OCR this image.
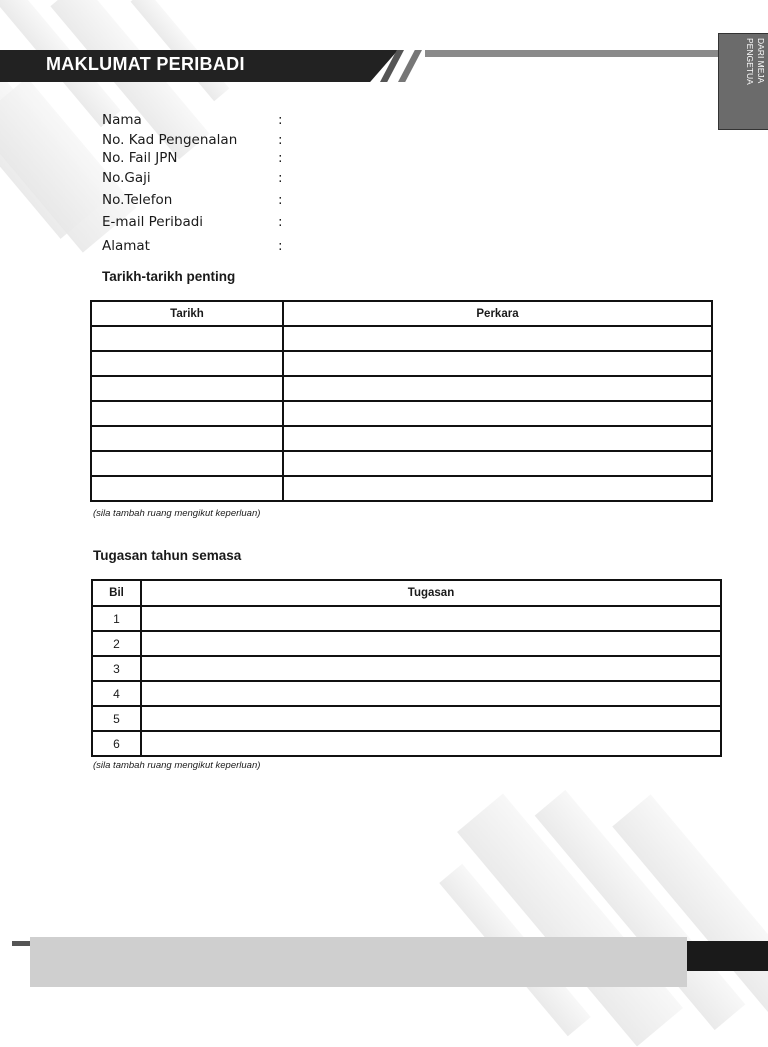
MAKLUMAT PERIBADI	DARI MEJA PENGETUA
Nama	:
No. Kad Pengenalan	:
No. Fail JPN	:
No.Gaji	:
No.Telefon	:
E-mail Peribadi	:
Alamat	:
Tarikh-tarikh penting
Tarikh	Perkara

(sila tambah ruang mengikut keperluan)
Tugasan tahun semasa
Bil	Tugasan
1	
2	
3	
4	
5	
6	
(sila tambah ruang mengikut keperluan)
